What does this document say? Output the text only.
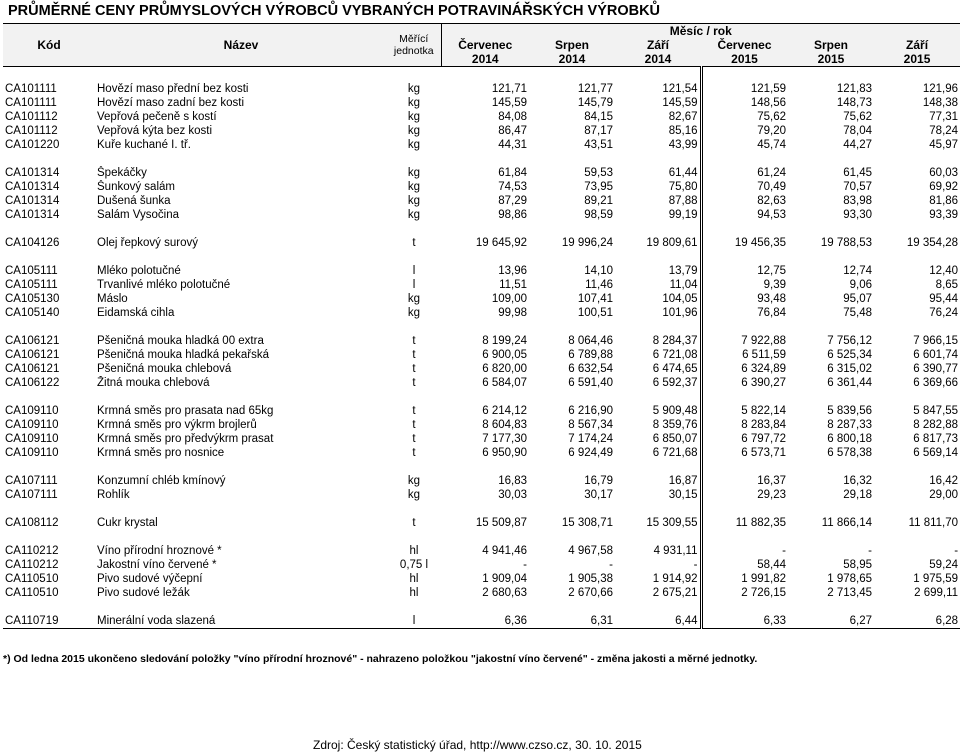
PRŮMĚRNÉ CENY PRŮMYSLOVÝCH VÝROBCŮ VYBRANÝCH POTRAVINÁŘSKÝCH VÝROBKŮ
Kód	Název	Měřící
jednotka	Měsíc / rok					
			Červenec	Srpen	Září	Červenec	Srpen	Září
			2014	2014	2014	2015	2015	2015

CA101111	Hovězí maso přední bez kosti	kg	121,71	121,77	121,54	121,59	121,83	121,96
CA101111	Hovězí maso zadní bez kosti	kg	145,59	145,79	145,59	148,56	148,73	148,38
CA101112	Vepřová pečeně s kostí	kg	84,08	84,15	82,67	75,62	75,62	77,31
CA101112	Vepřová kýta bez kosti	kg	86,47	87,17	85,16	79,20	78,04	78,24
CA101220	Kuře kuchané I. tř.	kg	44,31	43,51	43,99	45,74	44,27	45,97

CA101314	Špekáčky	kg	61,84	59,53	61,44	61,24	61,45	60,03
CA101314	Šunkový salám	kg	74,53	73,95	75,80	70,49	70,57	69,92
CA101314	Dušená šunka	kg	87,29	89,21	87,88	82,63	83,98	81,86
CA101314	Salám Vysočina	kg	98,86	98,59	99,19	94,53	93,30	93,39

CA104126	Olej řepkový surový	t	19 645,92	19 996,24	19 809,61	19 456,35	19 788,53	19 354,28

CA105111	Mléko polotučné	l	13,96	14,10	13,79	12,75	12,74	12,40
CA105111	Trvanlivé mléko polotučné	l	11,51	11,46	11,04	9,39	9,06	8,65
CA105130	Máslo	kg	109,00	107,41	104,05	93,48	95,07	95,44
CA105140	Eidamská cihla	kg	99,98	100,51	101,96	76,84	75,48	76,24

CA106121	Pšeničná mouka hladká 00 extra	t	8 199,24	8 064,46	8 284,37	7 922,88	7 756,12	7 966,15
CA106121	Pšeničná mouka hladká pekařská	t	6 900,05	6 789,88	6 721,08	6 511,59	6 525,34	6 601,74
CA106121	Pšeničná mouka chlebová	t	6 820,00	6 632,54	6 474,65	6 324,89	6 315,02	6 390,77
CA106122	Žitná mouka chlebová	t	6 584,07	6 591,40	6 592,37	6 390,27	6 361,44	6 369,66

CA109110	Krmná směs pro prasata nad 65kg	t	6 214,12	6 216,90	5 909,48	5 822,14	5 839,56	5 847,55
CA109110	Krmná směs pro výkrm brojlerů	t	8 604,83	8 567,34	8 359,76	8 283,84	8 287,33	8 282,88
CA109110	Krmná směs pro předvýkrm prasat	t	7 177,30	7 174,24	6 850,07	6 797,72	6 800,18	6 817,73
CA109110	Krmná směs pro nosnice	t	6 950,90	6 924,49	6 721,68	6 573,71	6 578,38	6 569,14

CA107111	Konzumní chléb kmínový	kg	16,83	16,79	16,87	16,37	16,32	16,42
CA107111	Rohlík	kg	30,03	30,17	30,15	29,23	29,18	29,00

CA108112	Cukr krystal	t	15 509,87	15 308,71	15 309,55	11 882,35	11 866,14	11 811,70

CA110212	Víno přírodní hroznové *	hl	4 941,46	4 967,58	4 931,11	-	-	-
CA110212	Jakostní víno červené *	0,75 l	-	-	-	58,44	58,95	59,24
CA110510	Pivo sudové výčepní	hl	1 909,04	1 905,38	1 914,92	1 991,82	1 978,65	1 975,59
CA110510	Pivo sudové ležák	hl	2 680,63	2 670,66	2 675,21	2 726,15	2 713,45	2 699,11

CA110719	Minerální voda slazená	l	6,36	6,31	6,44	6,33	6,27	6,28
*) Od ledna 2015 ukončeno sledování položky "víno přírodní hroznové" - nahrazeno položkou "jakostní víno červené" - změna jakosti a měrné jednotky.
Zdroj: Český statistický úřad, http://www.czso.cz, 30. 10. 2015
